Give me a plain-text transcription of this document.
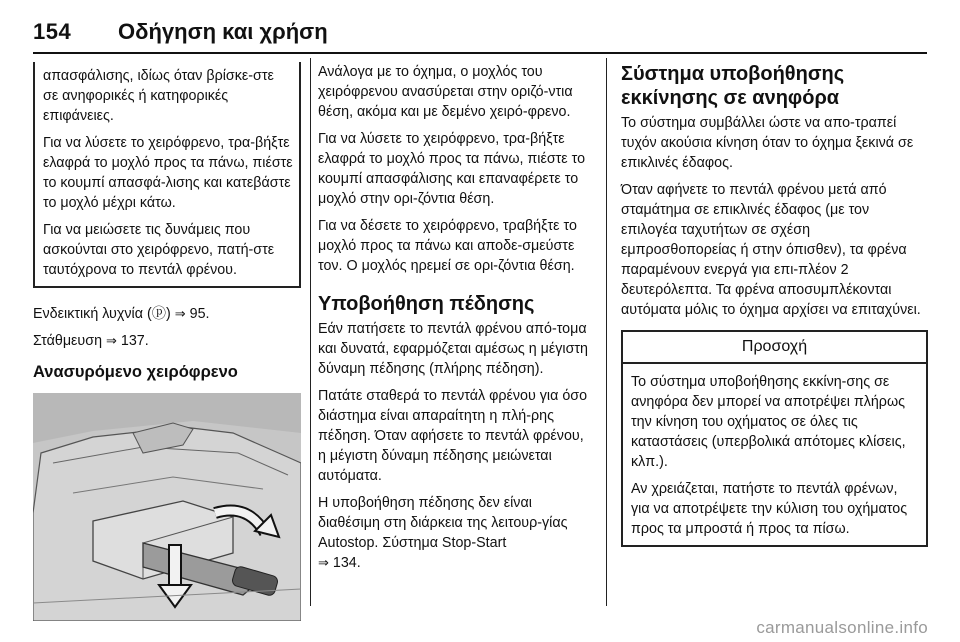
154 Οδήγηση και χρήση

απασφάλισης, ιδίως όταν βρίσκε-στε σε ανηφορικές ή κατηφορικές επιφάνειες.

Για να λύσετε το χειρόφρενο, τρα-βήξτε ελαφρά το μοχλό προς τα πάνω, πιέστε το κουμπί απασφά-λισης και κατεβάστε το μοχλό μέχρι κάτω.

Για να μειώσετε τις δυνάμεις που ασκούνται στο χειρόφρενο, πατή-στε ταυτόχρονα το πεντάλ φρένου.

Ενδεικτική λυχνία (ⓟ) ⇒ 95.

Στάθμευση ⇒ 137.

Ανασυρόμενο χειρόφρενο

Ανάλογα με το όχημα, ο μοχλός του χειρόφρενου ανασύρεται στην οριζό-ντια θέση, ακόμα και με δεμένο χειρό-φρενο.

Για να λύσετε το χειρόφρενο, τρα-βήξτε ελαφρά το μοχλό προς τα πάνω, πιέστε το κουμπί απασφάλισης και επαναφέρετε το μοχλό στην ορι-ζόντια θέση.

Για να δέσετε το χειρόφρενο, τραβήξτε το μοχλό προς τα πάνω και αποδε-σμεύστε τον. Ο μοχλός ηρεμεί σε ορι-ζόντια θέση.

Υποβοήθηση πέδησης

Εάν πατήσετε το πεντάλ φρένου από-τομα και δυνατά, εφαρμόζεται αμέσως η μέγιστη δύναμη πέδησης (πλήρης πέδηση).

Πατάτε σταθερά το πεντάλ φρένου για όσο διάστημα είναι απαραίτητη η πλή-ρης πέδηση. Όταν αφήσετε το πεντάλ φρένου, η μέγιστη δύναμη πέδησης μειώνεται αυτόματα.

Η υποβοήθηση πέδησης δεν είναι διαθέσιμη στη διάρκεια της λειτουρ-γίας Autostop. Σύστημα Stop-Start

⇒ 134.

Σύστημα υποβοήθησης εκκίνησης σε ανηφόρα

Το σύστημα συμβάλλει ώστε να απο-τραπεί τυχόν ακούσια κίνηση όταν το όχημα ξεκινά σε επικλινές έδαφος.

Όταν αφήνετε το πεντάλ φρένου μετά από σταμάτημα σε επικλινές έδαφος (με τον επιλογέα ταχυτήτων σε σχέση εμπροσθοπορείας ή στην όπισθεν), τα φρένα παραμένουν ενεργά για επι-πλέον 2 δευτερόλεπτα. Τα φρένα αποσυμπλέκονται αυτόματα μόλις το όχημα αρχίσει να επιταχύνει.

Προσοχή

Το σύστημα υποβοήθησης εκκίνη-σης σε ανηφόρα δεν μπορεί να αποτρέψει πλήρως την κίνηση του οχήματος σε όλες τις καταστάσεις (υπερβολικά απότομες κλίσεις, κλπ.).

Αν χρειάζεται, πατήστε το πεντάλ φρένων, για να αποτρέψετε την κύλιση του οχήματος προς τα μπροστά ή προς τα πίσω.

carmanualsonline.info
